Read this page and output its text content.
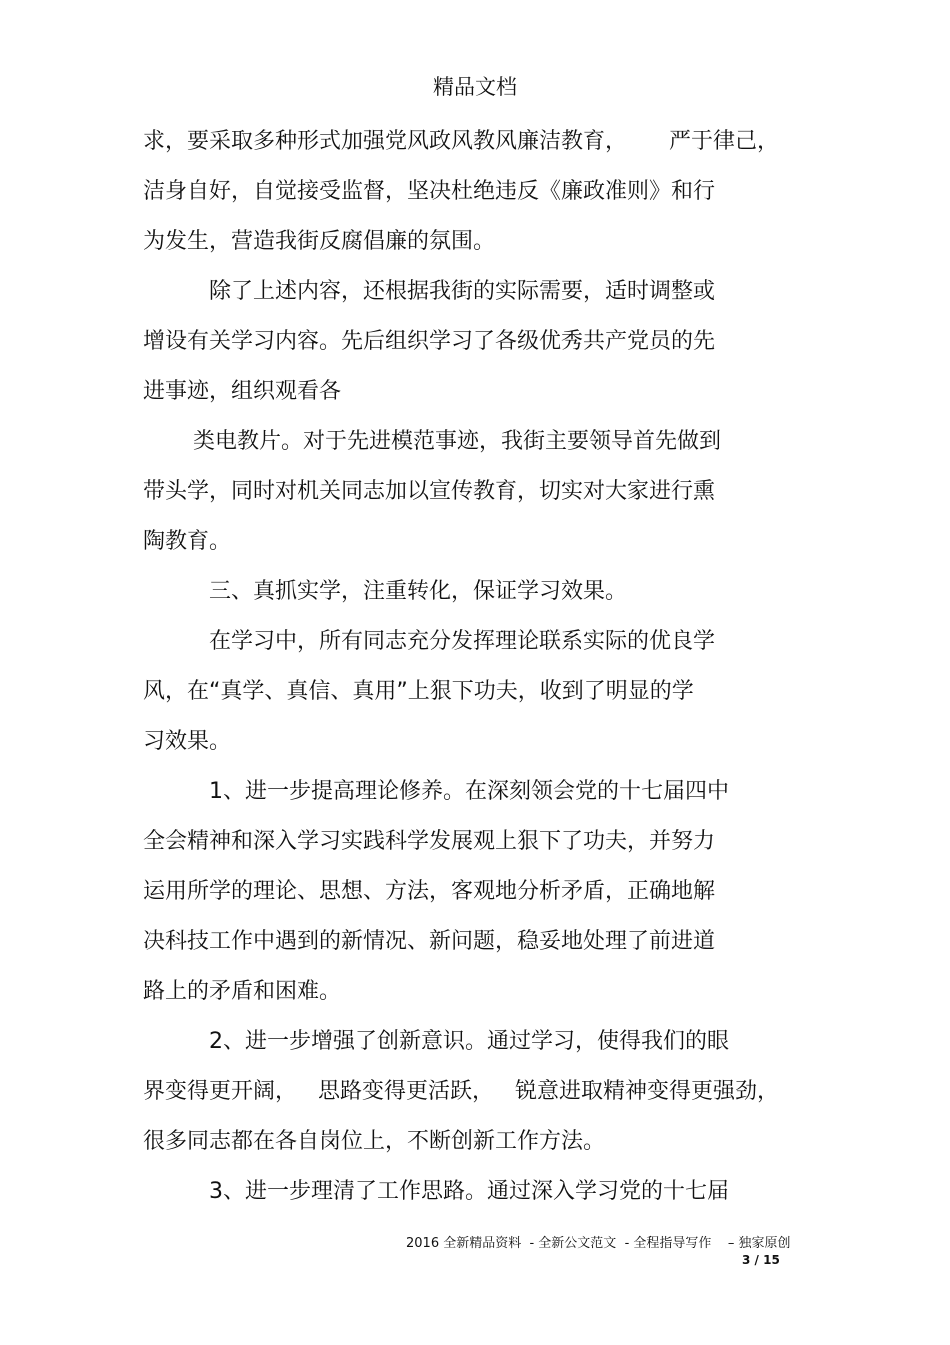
精品文档
求，要采取多种形式加强党风政风教风廉洁教育，      严于律己，
洁身自好，自觉接受监督，坚决杜绝违反《廉政准则》和行
为发生，营造我街反腐倡廉的氛围。
除了上述内容，还根据我街的实际需要，适时调整或
增设有关学习内容。先后组织学习了各级优秀共产党员的先
进事迹，组织观看各
类电教片。对于先进模范事迹，我街主要领导首先做到
带头学，同时对机关同志加以宣传教育，切实对大家进行熏
陶教育。
三、真抓实学，注重转化，保证学习效果。
在学习中，所有同志充分发挥理论联系实际的优良学
风，在“真学、真信、真用”上狠下功夫，收到了明显的学
习效果。
1、进一步提高理论修养。在深刻领会党的十七届四中
全会精神和深入学习实践科学发展观上狠下了功夫，并努力
运用所学的理论、思想、方法，客观地分析矛盾，正确地解
决科技工作中遇到的新情况、新问题，稳妥地处理了前进道
路上的矛盾和困难。
2、进一步增强了创新意识。通过学习，使得我们的眼
界变得更开阔，   思路变得更活跃，   锐意进取精神变得更强劲，
很多同志都在各自岗位上，不断创新工作方法。
3、进一步理清了工作思路。通过深入学习党的十七届
2016 全新精品资料  - 全新公文范文  - 全程指导写作    – 独家原创
3 / 15
